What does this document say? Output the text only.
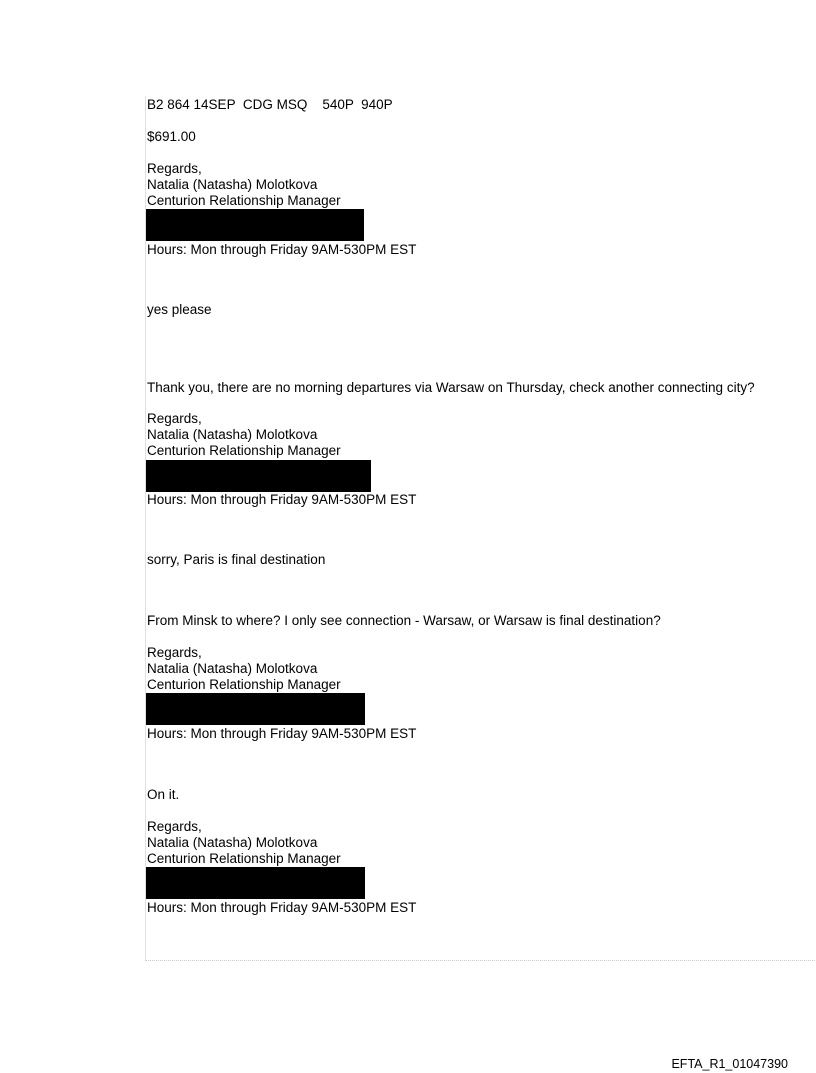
B2 864 14SEP  CDG MSQ    540P  940P
$691.00
Regards,
Natalia (Natasha) Molotkova
Centurion Relationship Manager
Hours: Mon through Friday 9AM-530PM EST
yes please
Thank you, there are no morning departures via Warsaw on Thursday, check another connecting city?
Regards,
Natalia (Natasha) Molotkova
Centurion Relationship Manager
Hours: Mon through Friday 9AM-530PM EST
sorry, Paris is final destination
From Minsk to where? I only see connection - Warsaw, or Warsaw is final destination?
Regards,
Natalia (Natasha) Molotkova
Centurion Relationship Manager
Hours: Mon through Friday 9AM-530PM EST
On it.
Regards,
Natalia (Natasha) Molotkova
Centurion Relationship Manager
Hours: Mon through Friday 9AM-530PM EST
EFTA_R1_01047390
